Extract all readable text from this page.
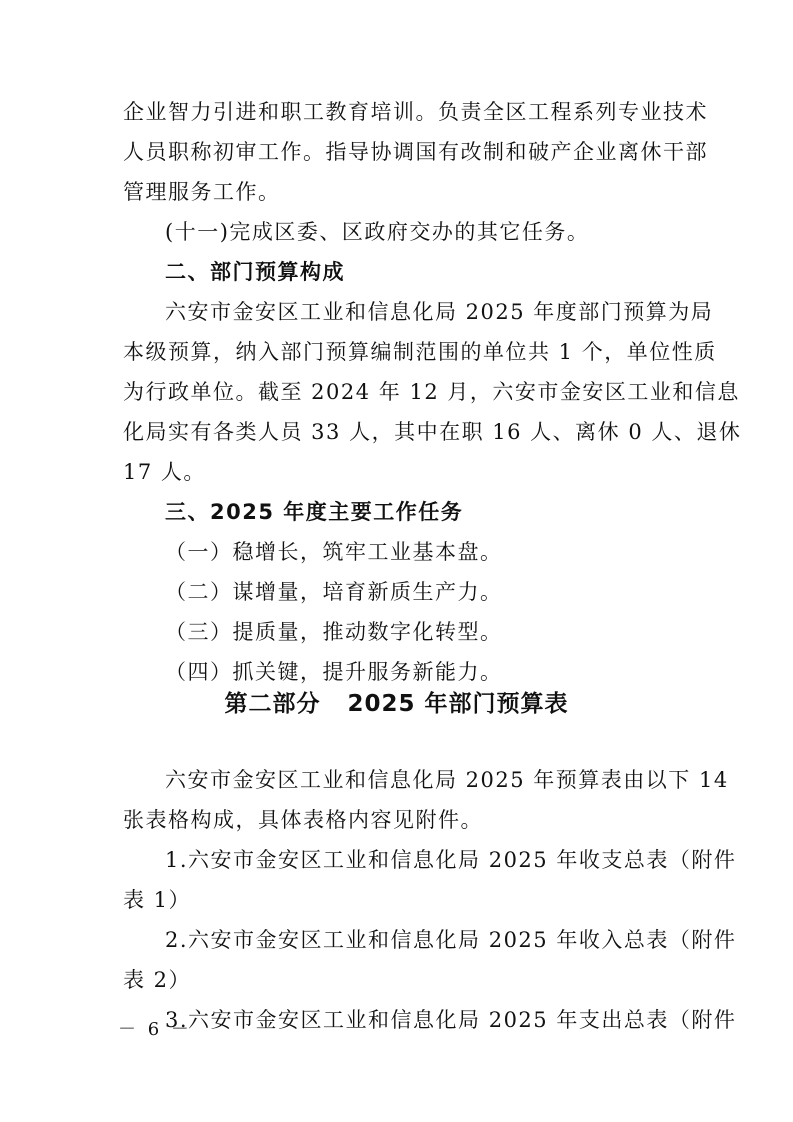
企业智力引进和职工教育培训。负责全区工程系列专业技术
人员职称初审工作。指导协调国有改制和破产企业离休干部
管理服务工作。
(十一)完成区委、区政府交办的其它任务。
二、部门预算构成
六安市金安区工业和信息化局 2025 年度部门预算为局
本级预算，纳入部门预算编制范围的单位共 1 个，单位性质
为行政单位。截至 2024 年 12 月，六安市金安区工业和信息
化局实有各类人员 33 人，其中在职 16 人、离休 0 人、退休
17 人。
三、2025 年度主要工作任务
（一）稳增长，筑牢工业基本盘。
（二）谋增量，培育新质生产力。
（三）提质量，推动数字化转型。
（四）抓关键，提升服务新能力。
第二部分   2025 年部门预算表
六安市金安区工业和信息化局 2025 年预算表由以下 14
张表格构成，具体表格内容见附件。
1.六安市金安区工业和信息化局 2025 年收支总表（附件
表 1）
2.六安市金安区工业和信息化局 2025 年收入总表（附件
表 2）
3.六安市金安区工业和信息化局 2025 年支出总表（附件
－ 6 －
